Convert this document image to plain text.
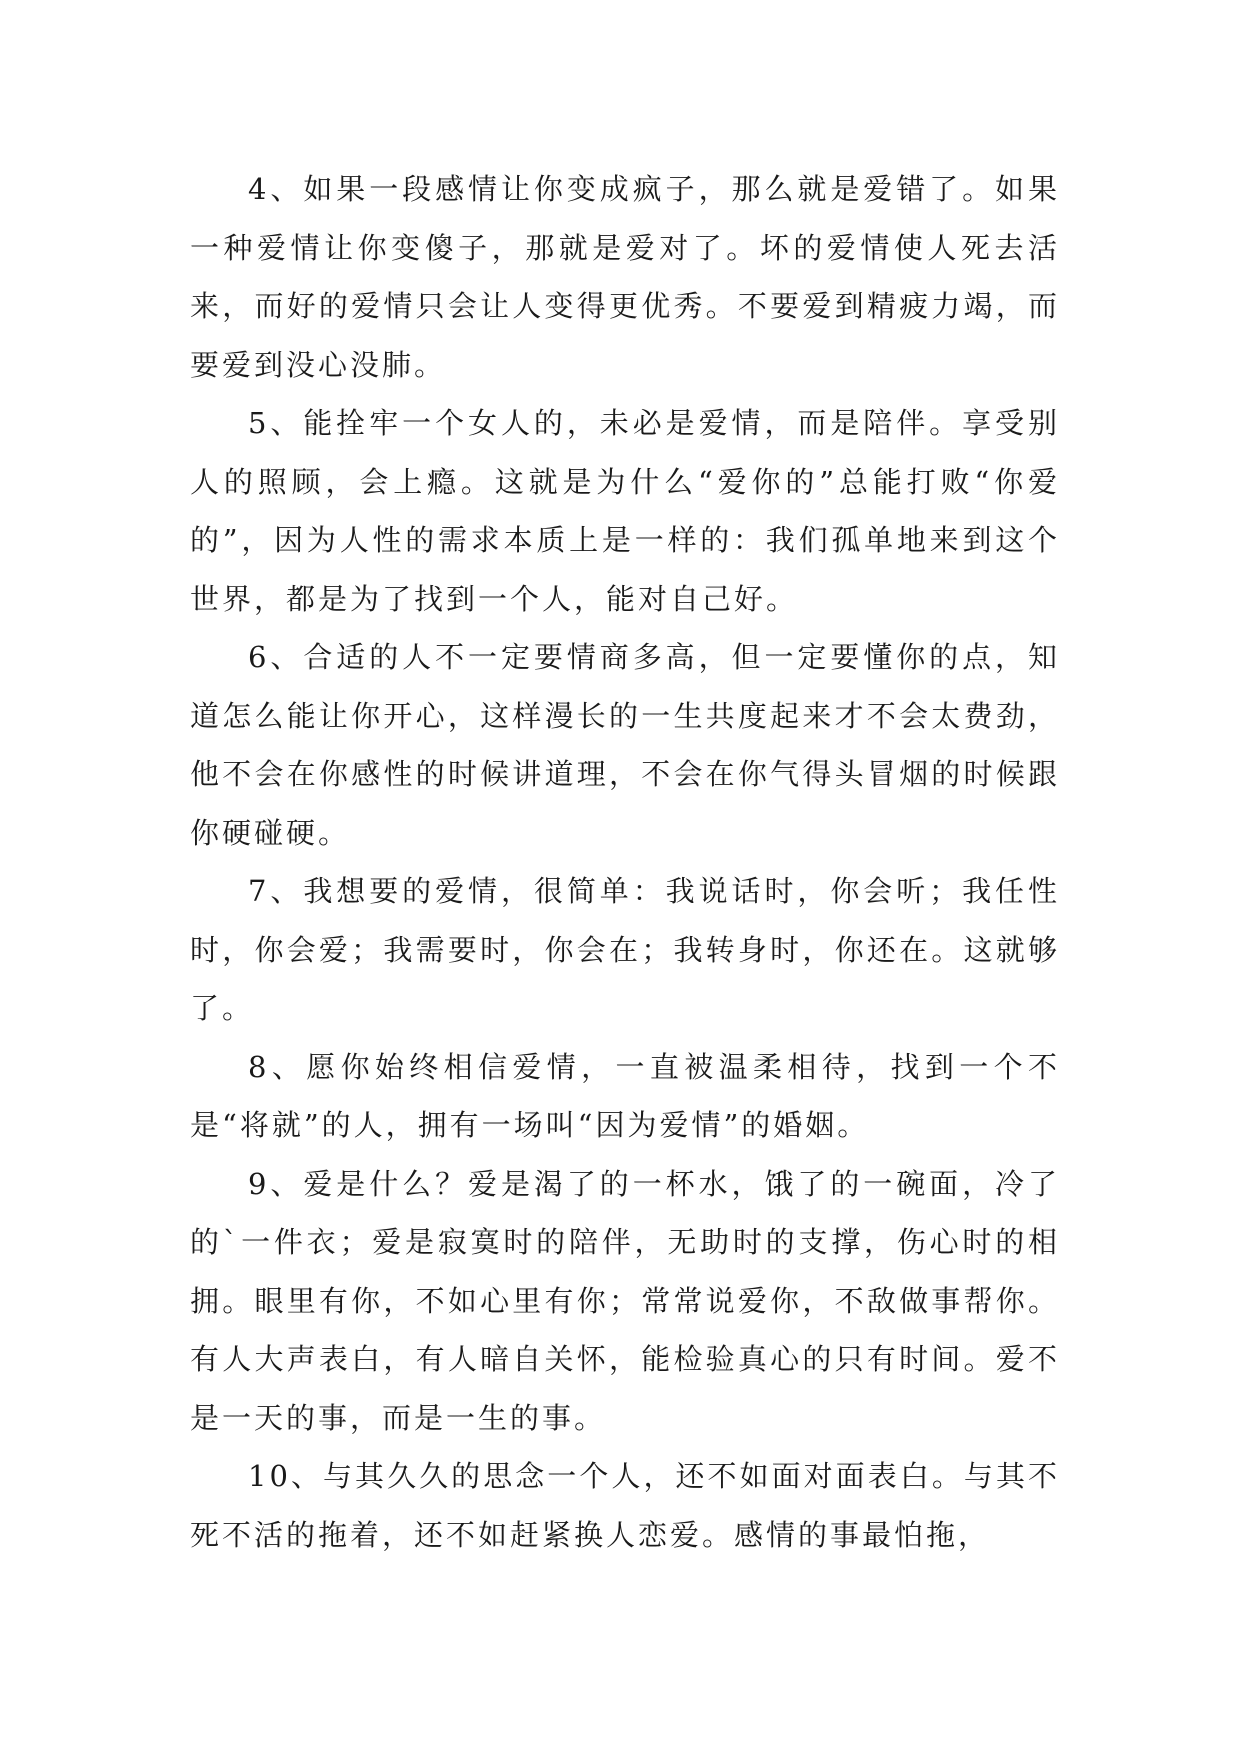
4、如果一段感情让你变成疯子，那么就是爱错了。如果一种爱情让你变傻子，那就是爱对了。坏的爱情使人死去活来，而好的爱情只会让人变得更优秀。不要爱到精疲力竭，而要爱到没心没肺。

5、能拴牢一个女人的，未必是爱情，而是陪伴。享受别人的照顾，会上瘾。这就是为什么“爱你的”总能打败“你爱的”，因为人性的需求本质上是一样的：我们孤单地来到这个世界，都是为了找到一个人，能对自己好。

6、合适的人不一定要情商多高，但一定要懂你的点，知道怎么能让你开心，这样漫长的一生共度起来才不会太费劲，他不会在你感性的时候讲道理，不会在你气得头冒烟的时候跟你硬碰硬。

7、我想要的爱情，很简单：我说话时，你会听；我任性时，你会爱；我需要时，你会在；我转身时，你还在。这就够了。

8、愿你始终相信爱情，一直被温柔相待，找到一个不是“将就”的人，拥有一场叫“因为爱情”的婚姻。

9、爱是什么？爱是渴了的一杯水，饿了的一碗面，冷了的`一件衣；爱是寂寞时的陪伴，无助时的支撑，伤心时的相拥。眼里有你，不如心里有你；常常说爱你，不敌做事帮你。有人大声表白，有人暗自关怀，能检验真心的只有时间。爱不是一天的事，而是一生的事。

10、与其久久的思念一个人，还不如面对面表白。与其不死不活的拖着，还不如赶紧换人恋爱。感情的事最怕拖，
